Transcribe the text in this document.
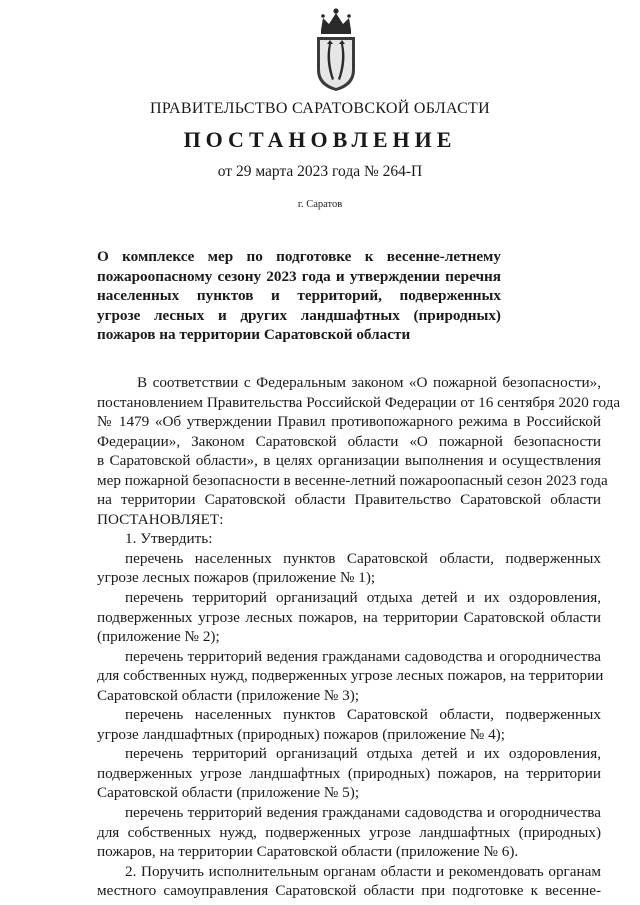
ПРАВИТЕЛЬСТВО САРАТОВСКОЙ ОБЛАСТИ
ПОСТАНОВЛЕНИЕ
от 29 марта 2023 года № 264-П
г. Саратов
О комплексе мер по подготовке к весенне-летнему
пожароопасному сезону 2023 года и утверждении перечня
населенных пунктов и территорий, подверженных
угрозе лесных и других ландшафтных (природных)
пожаров на территории Саратовской области
В соответствии с Федеральным законом «О пожарной безопасности»,
постановлением Правительства Российской Федерации от 16 сентября 2020 года
№ 1479 «Об утверждении Правил противопожарного режима в Российской
Федерации», Законом Саратовской области «О пожарной безопасности
в Саратовской области», в целях организации выполнения и осуществления
мер пожарной безопасности в весенне-летний пожароопасный сезон 2023 года
на территории Саратовской области Правительство Саратовской области
ПОСТАНОВЛЯЕТ:
1. Утвердить:
перечень населенных пунктов Саратовской области, подверженных
угрозе лесных пожаров (приложение № 1);
перечень территорий организаций отдыха детей и их оздоровления,
подверженных угрозе лесных пожаров, на территории Саратовской области
(приложение № 2);
перечень территорий ведения гражданами садоводства и огородничества
для собственных нужд, подверженных угрозе лесных пожаров, на территории
Саратовской области (приложение № 3);
перечень населенных пунктов Саратовской области, подверженных
угрозе ландшафтных (природных) пожаров (приложение № 4);
перечень территорий организаций отдыха детей и их оздоровления,
подверженных угрозе ландшафтных (природных) пожаров, на территории
Саратовской области (приложение № 5);
перечень территорий ведения гражданами садоводства и огородничества
для собственных нужд, подверженных угрозе ландшафтных (природных)
пожаров, на территории Саратовской области (приложение № 6).
2. Поручить исполнительным органам области и рекомендовать органам
местного самоуправления Саратовской области при подготовке к весенне-
